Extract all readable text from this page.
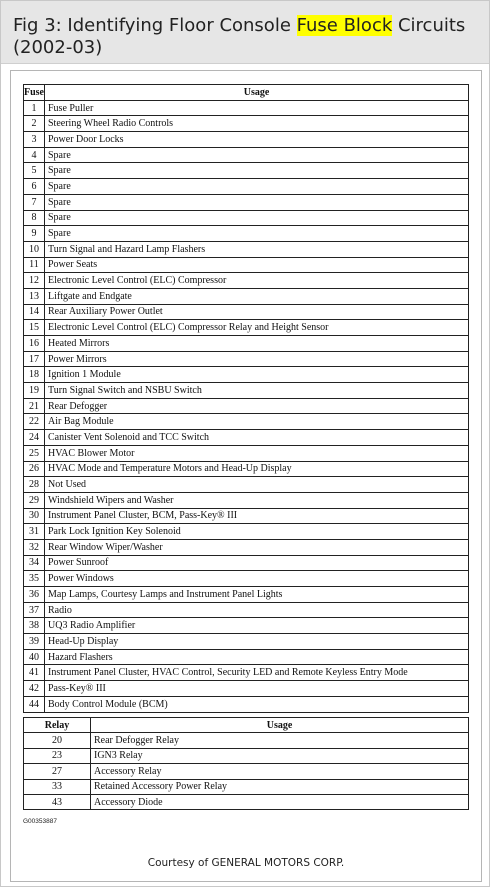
Fig 3: Identifying Floor Console Fuse Block Circuits (2002-03)
Fuse	Usage
1	Fuse Puller
2	Steering Wheel Radio Controls
3	Power Door Locks
4	Spare
5	Spare
6	Spare
7	Spare
8	Spare
9	Spare
10	Turn Signal and Hazard Lamp Flashers
11	Power Seats
12	Electronic Level Control (ELC) Compressor
13	Liftgate and Endgate
14	Rear Auxiliary Power Outlet
15	Electronic Level Control (ELC) Compressor Relay and Height Sensor
16	Heated Mirrors
17	Power Mirrors
18	Ignition 1 Module
19	Turn Signal Switch and NSBU Switch
21	Rear Defogger
22	Air Bag Module
24	Canister Vent Solenoid and TCC Switch
25	HVAC Blower Motor
26	HVAC Mode and Temperature Motors and Head-Up Display
28	Not Used
29	Windshield Wipers and Washer
30	Instrument Panel Cluster, BCM, Pass-Key® III
31	Park Lock Ignition Key Solenoid
32	Rear Window Wiper/Washer
34	Power Sunroof
35	Power Windows
36	Map Lamps, Courtesy Lamps and Instrument Panel Lights
37	Radio
38	UQ3 Radio Amplifier
39	Head-Up Display
40	Hazard Flashers
41	Instrument Panel Cluster, HVAC Control, Security LED and Remote Keyless Entry Mode
42	Pass-Key® III
44	Body Control Module (BCM)
Relay	Usage
20	Rear Defogger Relay
23	IGN3 Relay
27	Accessory Relay
33	Retained Accessory Power Relay
43	Accessory Diode
G00353887
Courtesy of GENERAL MOTORS CORP.
